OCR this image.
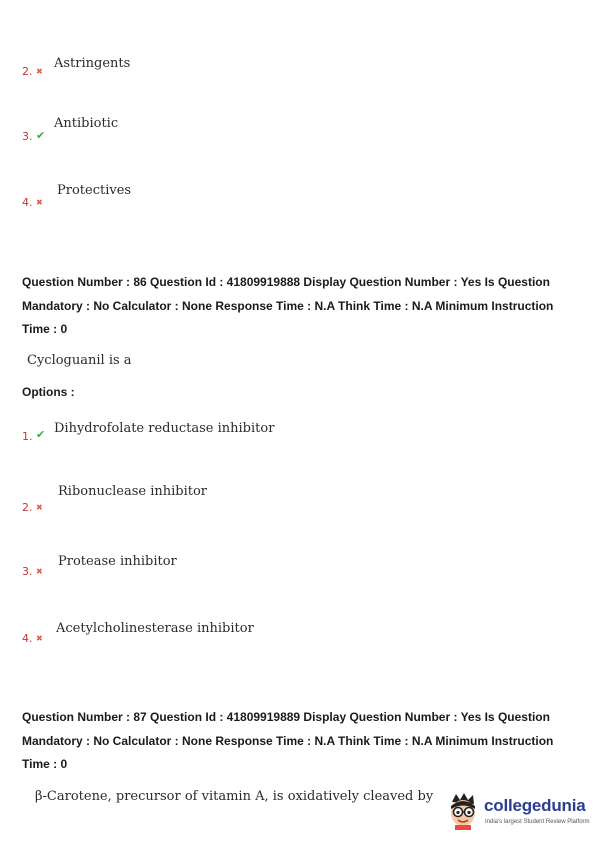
2. ✖
Astringents
3. ✔
Antibiotic
4. ✖
Protectives
Question Number : 86 Question Id : 41809919888 Display Question Number : Yes Is Question Mandatory : No Calculator : None Response Time : N.A Think Time : N.A Minimum Instruction Time : 0
Cycloguanil is a
Options :
1. ✔ Dihydrofolate reductase inhibitor
2. ✖
Ribonuclease inhibitor
3. ✖
Protease inhibitor
4. ✖
Acetylcholinesterase inhibitor
Question Number : 87 Question Id : 41809919889 Display Question Number : Yes Is Question Mandatory : No Calculator : None Response Time : N.A Think Time : N.A Minimum Instruction Time : 0
β-Carotene, precursor of vitamin A, is oxidatively cleaved by	collegedunia
India's largest Student Review Platform
